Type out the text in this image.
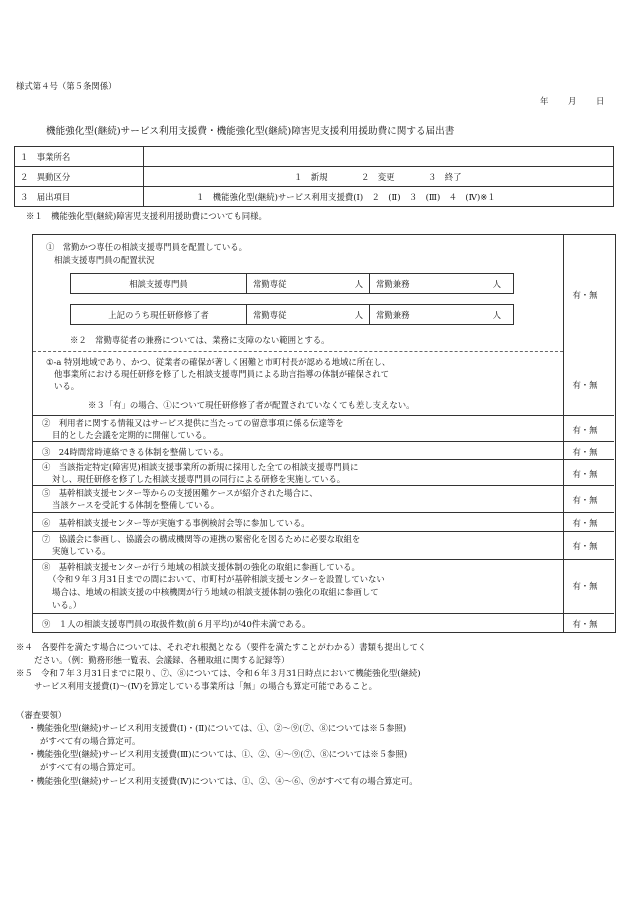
様式第４号（第５条関係）
年 月 日
機能強化型(継続)サービス利用支援費・機能強化型(継続)障害児支援利用援助費に関する届出書
１　事業所名	
２　異動区分	１　新規　　　　２　変更　　　　３　終了
３　届出項目	１　機能強化型(継続)サービス利用支援費(Ⅰ)　２　(Ⅱ)　３　(Ⅲ)　４　(Ⅳ)※１
※１　機能強化型(継続)障害児支援利用援助費についても同様。
①　常勤かつ専任の相談支援専門員を配置している。
相談支援専門員の配置状況
相談支援専門員	常勤専従	人	常勤兼務	人
上記のうち現任研修修了者	常勤専従	人	常勤兼務	人
※２　常勤専従者の兼務については、業務に支障のない範囲とする。
有・無
①-a 特別地域であり、かつ、従業者の確保が著しく困難と市町村長が認める地域に所在し、
他事業所における現任研修を修了した相談支援専門員による助言指導の体制が確保されて
いる。
※３「有」の場合、①について現任研修修了者が配置されていなくても差し支えない。
有・無
②　利用者に関する情報又はサービス提供に当たっての留意事項に係る伝達等を
目的とした会議を定期的に開催している。	有・無
③　24時間常時連絡できる体制を整備している。	有・無
④　当該指定特定(障害児)相談支援事業所の新規に採用した全ての相談支援専門員に
対し、現任研修を修了した相談支援専門員の同行による研修を実施している。	有・無
⑤　基幹相談支援センター等からの支援困難ケースが紹介された場合に、
当該ケースを受託する体制を整備している。	有・無
⑥　基幹相談支援センター等が実施する事例検討会等に参加している。	有・無
⑦　協議会に参画し、協議会の構成機関等の連携の緊密化を図るために必要な取組を
実施している。	有・無
⑧　基幹相談支援センターが行う地域の相談支援体制の強化の取組に参画している。
（令和９年３月31日までの間において、市町村が基幹相談支援センターを設置していない
場合は、地域の相談支援の中核機関が行う地域の相談支援体制の強化の取組に参画して
いる。）
有・無
⑨　１人の相談支援専門員の取扱件数(前６月平均)が40件未満である。	有・無
※４　各要件を満たす場合については、それぞれ根拠となる（要件を満たすことがわかる）書類も提出してく
ださい。（例：勤務形態一覧表、会議録、各種取組に関する記録等）
※５　令和７年３月31日までに限り、⑦、⑧については、令和６年３月31日時点において機能強化型(継続)
サービス利用支援費(Ⅰ)～(Ⅳ)を算定している事業所は「無」の場合も算定可能であること。
（審査要領）
・機能強化型(継続)サービス利用支援費(Ⅰ)・(Ⅱ)については、①、②～⑨(⑦、⑧については※５参照)
がすべて有の場合算定可。
・機能強化型(継続)サービス利用支援費(Ⅲ)については、①、②、④～⑨(⑦、⑧については※５参照)
がすべて有の場合算定可。
・機能強化型(継続)サービス利用支援費(Ⅳ)については、①、②、④～⑥、⑨がすべて有の場合算定可。
